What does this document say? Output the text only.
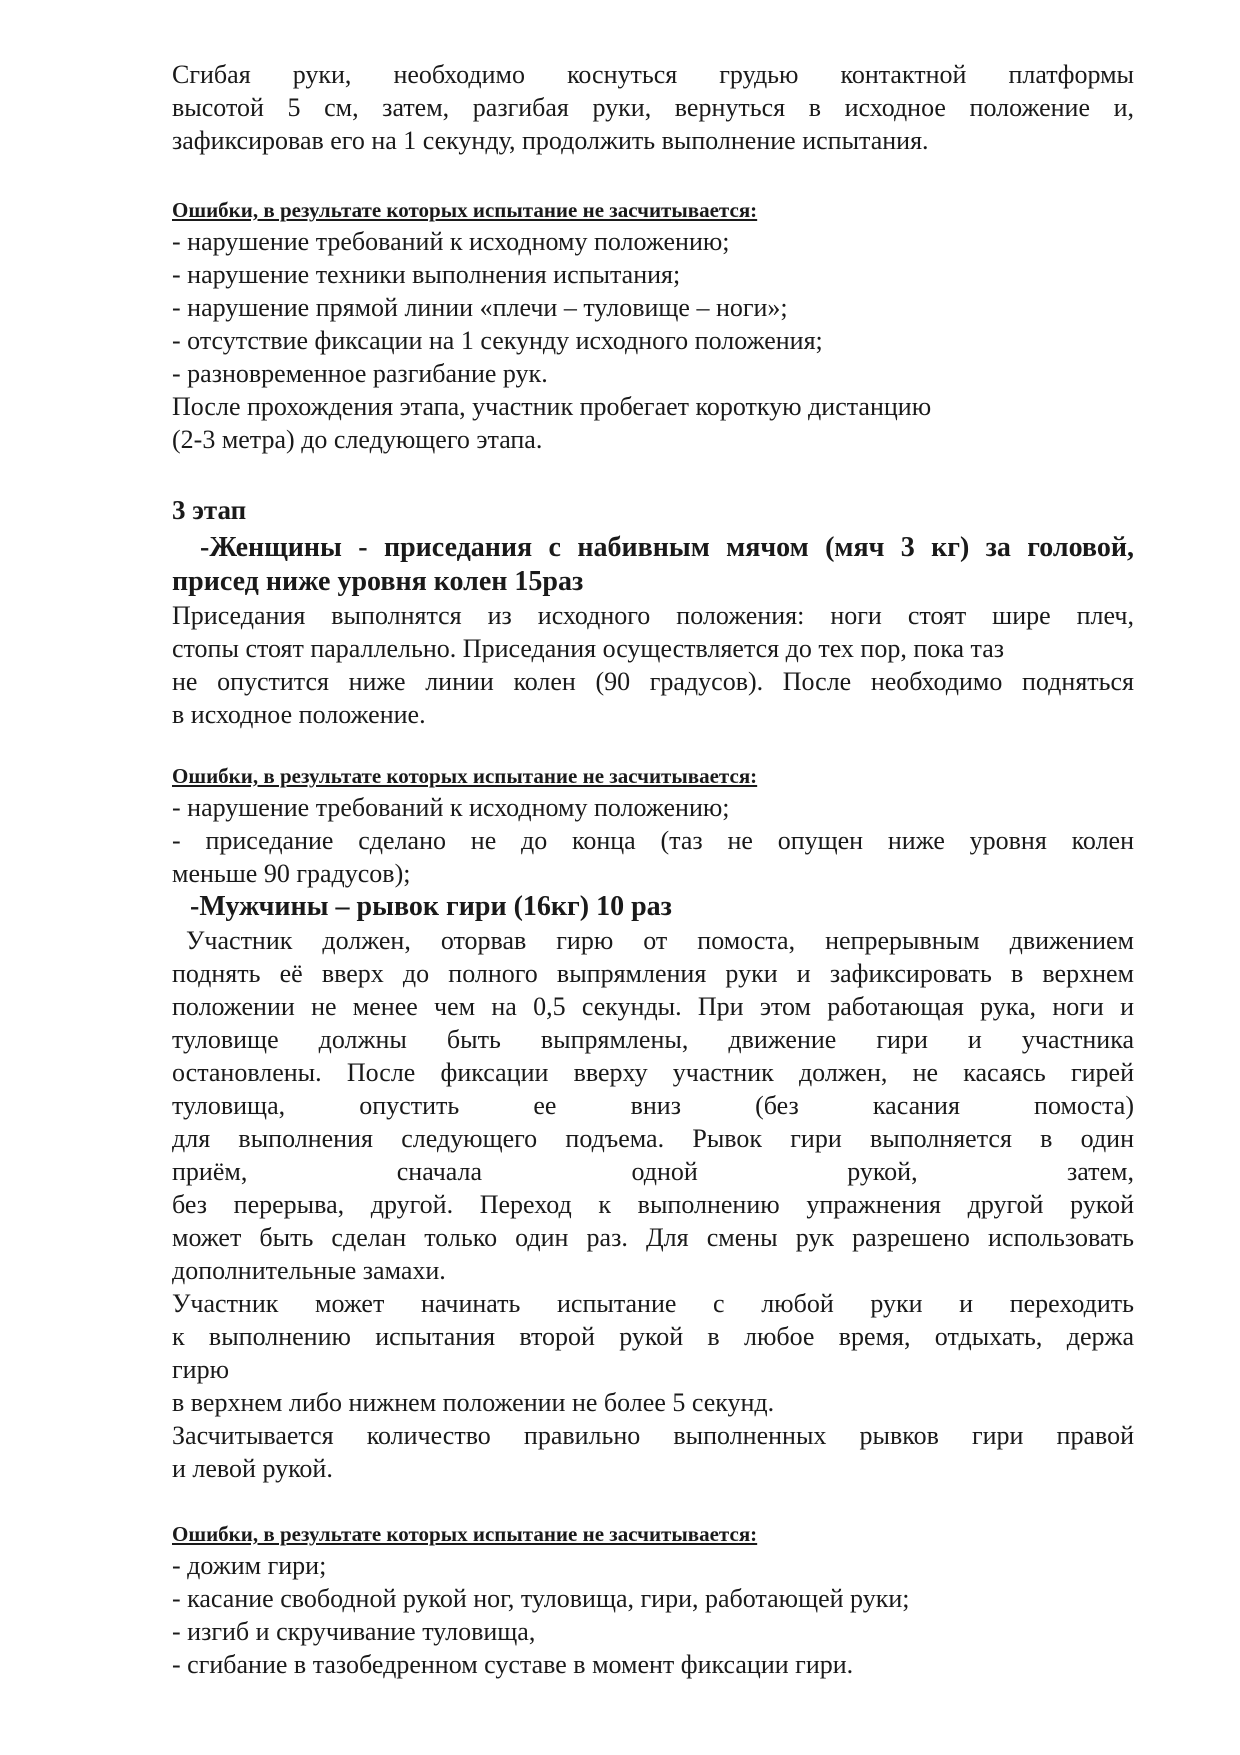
Сгибая руки, необходимо коснуться грудью контактной платформы

высотой 5 см, затем, разгибая руки, вернуться в исходное положение и,

зафиксировав его на 1 секунду, продолжить выполнение испытания.

Ошибки, в результате которых испытание не засчитывается:

- нарушение требований к исходному положению;
- нарушение техники выполнения испытания;
- нарушение прямой линии «плечи – туловище – ноги»;
- отсутствие фиксации на 1 секунду исходного положения;
- разновременное разгибание рук.

После прохождения этапа, участник пробегает короткую дистанцию

(2-3 метра) до следующего этапа.

3 этап

-Женщины - приседания с набивным мячом (мяч 3 кг) за головой,

присед ниже уровня колен 15раз

Приседания выполнятся из исходного положения: ноги стоят шире плеч,

стопы стоят параллельно. Приседания осуществляется до тех пор, пока таз

не опустится ниже линии колен (90 градусов). После необходимо подняться

в исходное положение.

Ошибки, в результате которых испытание не засчитывается:

- нарушение требований к исходному положению;
- приседание сделано не до конца (таз не опущен ниже уровня колен
меньше 90 градусов);

-Мужчины – рывок гири (16кг) 10 раз

Участник должен, оторвав гирю от помоста, непрерывным движением

поднять её вверх до полного выпрямления руки и зафиксировать в верхнем

положении не менее чем на 0,5 секунды. При этом работающая рука, ноги и

туловище должны быть выпрямлены, движение гири и участника

остановлены. После фиксации вверху участник должен, не касаясь гирей

туловища, опустить ее вниз (без касания помоста)

для выполнения следующего подъема. Рывок гири выполняется в один

приём, сначала одной рукой, затем,

без перерыва, другой. Переход к выполнению упражнения другой рукой

может быть сделан только один раз. Для смены рук разрешено использовать

дополнительные замахи.

Участник может начинать испытание с любой руки и переходить

к выполнению испытания второй рукой в любое время, отдыхать, держа

гирю

в верхнем либо нижнем положении не более 5 секунд.

Засчитывается количество правильно выполненных рывков гири правой

и левой рукой.

Ошибки, в результате которых испытание не засчитывается:

- дожим гири;
- касание свободной рукой ног, туловища, гири, работающей руки;
- изгиб и скручивание туловища,
- сгибание в тазобедренном суставе в момент фиксации гири.
